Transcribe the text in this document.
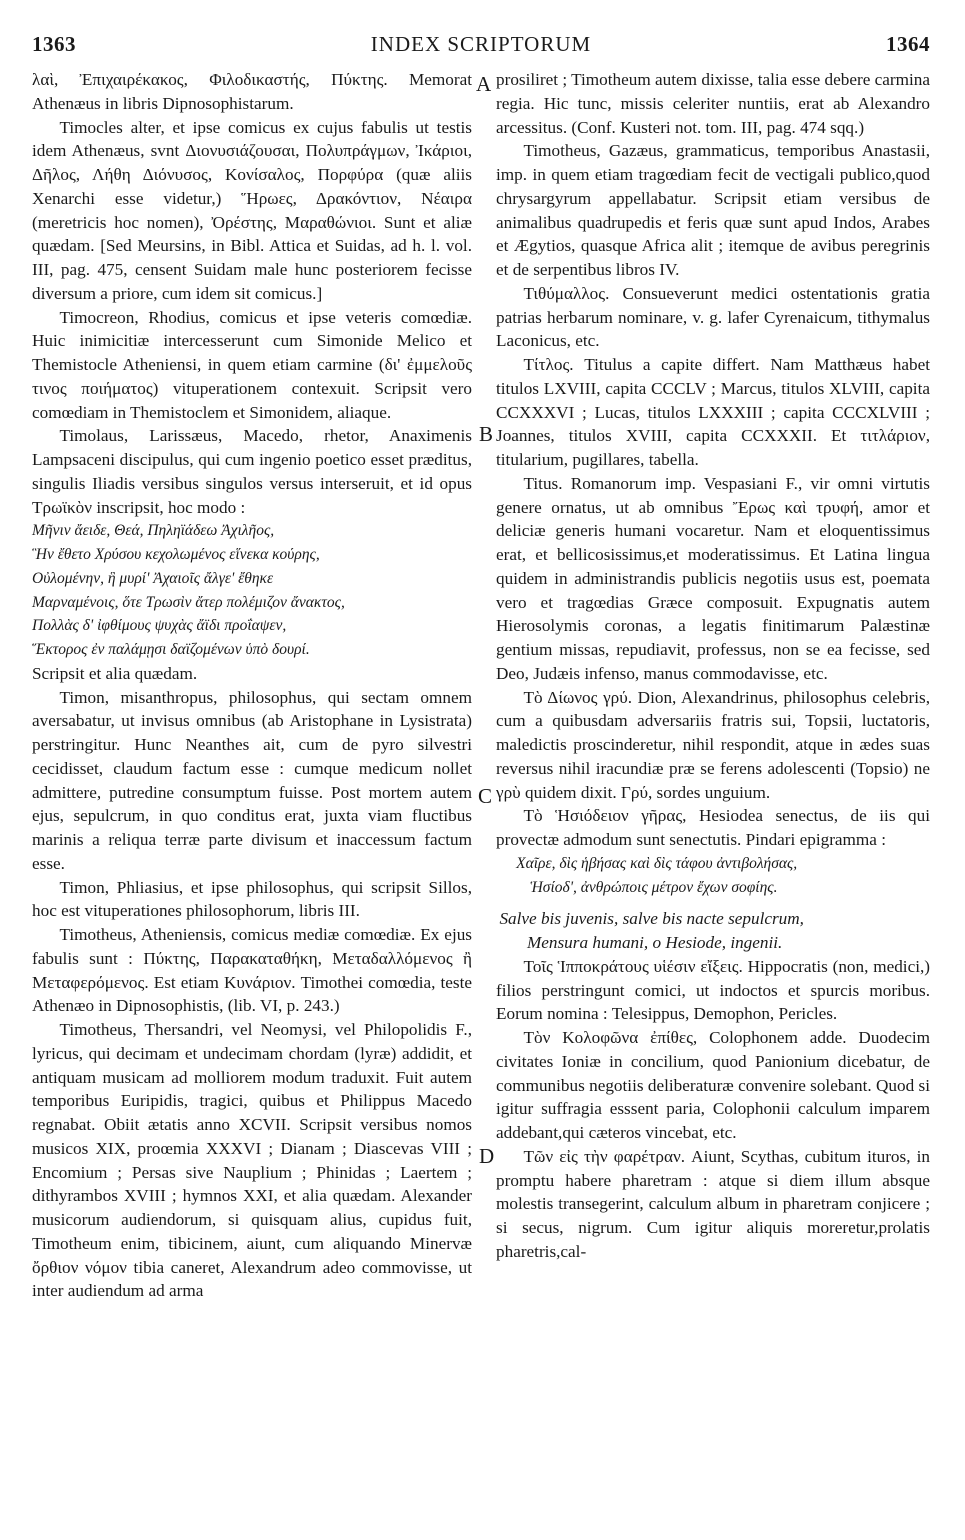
1363	INDEX SCRIPTORUM	1364

λαὶ, Ἐπιχαιρέκακος, Φιλοδικαστής, Πύκτης. Memorat Athenæus in libris Dipnosophistarum.

Timocles alter, et ipse comicus ex cujus fabulis ut testis idem Athenæus, svnt Διονυσιάζουσαι, Πολυπράγμων, Ἰκάριοι, Δῆλος, Λήθη Διόνυσος, Κονίσαλος, Πορφύρα (quæ aliis Xenarchi esse videtur,) Ἥρωες, Δρακόντιον, Νέαιρα (meretricis hoc nomen), Ὀρέστης, Μαραθώνιοι. Sunt et aliæ quædam. [Sed Meursins, in Bibl. Attica et Suidas, ad h. l. vol. III, pag. 475, censent Suidam male hunc posteriorem fecisse diversum a priore, cum idem sit comicus.]

Timocreon, Rhodius, comicus et ipse veteris comœdiæ. Huic inimicitiæ intercesserunt cum Simonide Melico et Themistocle Atheniensi, in quem etiam carmine (δι' ἐμμελοῦς τινος ποιήματος) vituperationem contexuit. Scripsit vero comœdiam in Themistoclem et Simonidem, aliaque.

Timolaus, Larissæus, Macedo, rhetor, Anaximenis Lampsaceni discipulus, qui cum ingenio poetico esset præditus, singulis Iliadis versibus singulos versus interseruit, et id opus Τρωϊκὸν inscripsit, hoc modo :

Μῆνιν ἄειδε, Θεά, Πηληϊάδεω Ἀχιλῆος,

Ἣν ἔθετο Χρύσου κεχολωμένος εἵνεκα κούρης,

Οὐλομένην, ἣ μυρί' Ἀχαιοῖς ἄλγε' ἔθηκε

Μαρναμένοις, ὅτε Τρωσὶν ἄτερ πολέμιζον ἄνακτος,

Πολλὰς δ' ἰφθίμους ψυχὰς ἄϊδι προΐαψεν,

Ἕκτορος ἐν παλάμῃσι δαϊζομένων ὑπὸ δουρί.

Scripsit et alia quædam.

Timon, misanthropus, philosophus, qui sectam omnem aversabatur, ut invisus omnibus (ab Aristophane in Lysistrata) perstringitur. Hunc Neanthes ait, cum de pyro silvestri cecidisset, claudum factum esse : cumque medicum nollet admittere, putredine consumptum fuisse. Post mortem autem ejus, sepulcrum, in quo conditus erat, juxta viam fluctibus marinis a reliqua terræ parte divisum et inaccessum factum esse.

Timon, Phliasius, et ipse philosophus, qui scripsit Sillos, hoc est vituperationes philosophorum, libris III.

Timotheus, Atheniensis, comicus mediæ comœdiæ. Ex ejus fabulis sunt : Πύκτης, Παρακαταθήκη, Μεταδαλλόμενος ἢ Μεταφερόμενος. Est etiam Κυνάριον. Timothei comœdia, teste Athenæo in Dipnosophistis, (lib. VI, p. 243.)

Timotheus, Thersandri, vel Neomysi, vel Philopolidis F., lyricus, qui decimam et undecimam chordam (lyræ) addidit, et antiquam musicam ad molliorem modum traduxit. Fuit autem temporibus Euripidis, tragici, quibus et Philippus Macedo regnabat. Obiit ætatis anno XCVII. Scripsit versibus nomos musicos XIX, proœmia XXXVI ; Dianam ; Diascevas VIII ; Encomium ; Persas sive Nauplium ; Phinidas ; Laertem ; dithyrambos XVIII ; hymnos XXI, et alia quædam. Alexander musicorum audiendorum, si quisquam alius, cupidus fuit, Timotheum enim, tibicinem, aiunt, cum aliquando Minervæ ὄρθιον νόμον tibia caneret, Alexandrum adeo commovisse, ut inter audiendum ad arma

A
B
C
D

prosiliret ; Timotheum autem dixisse, talia esse debere carmina regia. Hic tunc, missis celeriter nuntiis, erat ab Alexandro arcessitus. (Conf. Kusteri not. tom. III, pag. 474 sqq.)

Timotheus, Gazæus, grammaticus, temporibus Anastasii, imp. in quem etiam tragœdiam fecit de vectigali publico,quod chrysargyrum appellabatur. Scripsit etiam versibus de animalibus quadrupedis et feris quæ sunt apud Indos, Arabes et Ægytios, quasque Africa alit ; itemque de avibus peregrinis et de serpentibus libros IV.

Τιθύμαλλος. Consueverunt medici ostentationis gratia patrias herbarum nominare, v. g. lafer Cyrenaicum, tithymalus Laconicus, etc.

Τίτλος. Titulus a capite differt. Nam Matthæus habet titulos LXVIII, capita CCCLV ; Marcus, titulos XLVIII, capita CCXXXVI ; Lucas, titulos LXXXIII ; capita CCCXLVIII ; Joannes, titulos XVIII, capita CCXXXII. Et τιτλάριον, titularium, pugillares, tabella.

Titus. Romanorum imp. Vespasiani F., vir omni virtutis genere ornatus, ut ab omnibus Ἔρως καὶ τρυφή, amor et deliciæ generis humani vocaretur. Nam et eloquentissimus erat, et bellicosissimus,et moderatissimus. Et Latina lingua quidem in administrandis publicis negotiis usus est, poemata vero et tragœdias Græce composuit. Expugnatis autem Hierosolymis coronas, a legatis finitimarum Palæstinæ gentium missas, repudiavit, professus, non se ea fecisse, sed Deo, Judæis infenso, manus commodavisse, etc.

Τὸ Δίωνος γρύ. Dion, Alexandrinus, philosophus celebris, cum a quibusdam adversariis fratris sui, Topsii, luctatoris, maledictis proscinderetur, nihil respondit, atque in ædes suas reversus nihil iracundiæ præ se ferens adolescenti (Topsio) ne γρὺ quidem dixit. Γρύ, sordes unguium.

Τὸ Ἡσιόδειον γῆρας, Hesiodea senectus, de iis qui provectæ admodum sunt senectutis. Pindari epigramma :

Χαῖρε, δὶς ἡβήσας καὶ δὶς τάφου ἀντιβολήσας,

Ἡσίοδ', ἀνθρώποις μέτρον ἔχων σοφίης.

Salve bis juvenis, salve bis nacte sepulcrum,

Mensura humani, o Hesiode, ingenii.

Τοῖς Ἱπποκράτους υἱέσιν εἴξεις. Hippocratis (non, medici,) filios perstringunt comici, ut indoctos et spurcis moribus. Eorum nomina : Telesippus, Demophon, Pericles.

Τὸν Κολοφῶνα ἐπίθες, Colophonem adde. Duodecim civitates Ioniæ in concilium, quod Panionium dicebatur, de communibus negotiis deliberaturæ convenire solebant. Quod si igitur suffragia esssent paria, Colophonii calculum imparem addebant,qui cæteros vincebat, etc.

Τῶν εἰς τὴν φαρέτραν. Aiunt, Scythas, cubitum ituros, in promptu habere pharetram : atque si diem illum absque molestis transegerint, calculum album in pharetram conjicere ; si secus, nigrum. Cum igitur aliquis moreretur,prolatis pharetris,cal-
